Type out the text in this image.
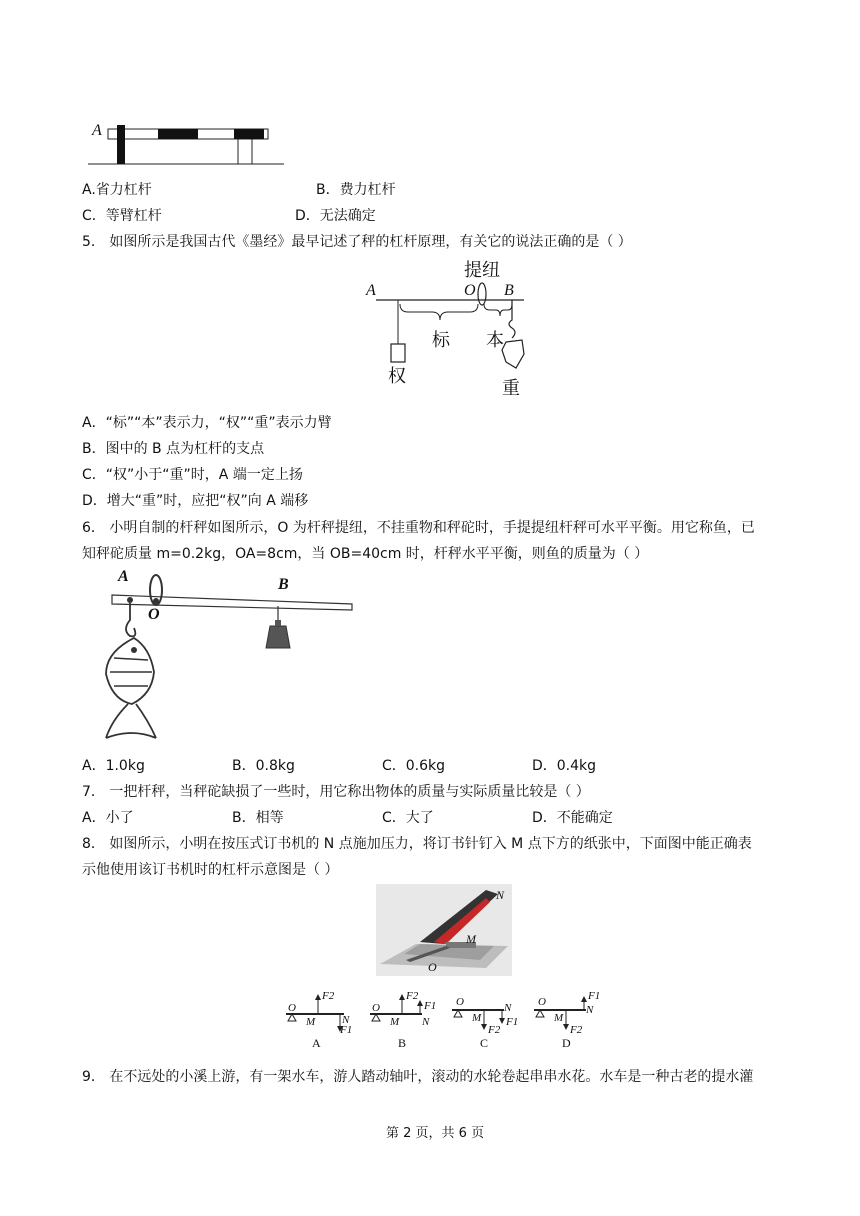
A
A.省力杠杆	B．费力杠杆
C．等臂杠杆	D．无法确定
5． 如图所示是我国古代《墨经》最早记述了秤的杠杆原理，有关它的说法正确的是（ ）
提纽
A	O B
标 本
权
重
A．“标”“本”表示力，“权”“重”表示力臂
B．图中的 B 点为杠杆的支点
C．“权”小于“重”时，A 端一定上扬
D．增大“重”时，应把“权”向 A 端移
6． 小明自制的杆秤如图所示，O 为杆秤提纽，不挂重物和秤砣时，手提提纽杆秤可水平平衡。用它称鱼，已
知秤砣质量 m=0.2kg，OA=8cm，当 OB=40cm 时，杆秤水平平衡，则鱼的质量为（ ）
A
O
B
A．1.0kg	B．0.8kg	C．0.6kg	D．0.4kg
7． 一把杆秤，当秤砣缺损了一些时，用它称出物体的质量与实际质量比较是（ ）
A．小了	B．相等	C．大了	D．不能确定
8． 如图所示，小明在按压式订书机的 N 点施加压力，将订书针钉入 M 点下方的纸张中，下面图中能正确表
示他使用该订书机时的杠杆示意图是（ ）
N
M
O
O
M N
F2
F1
A
O
M N
F2
F1
B
O
M
N
F2
F1
C
O
M
N
F1
F2
D
9． 在不远处的小溪上游，有一架水车，游人踏动轴叶，滚动的水轮卷起串串水花。水车是一种古老的提水灌
第 2 页，共 6 页
